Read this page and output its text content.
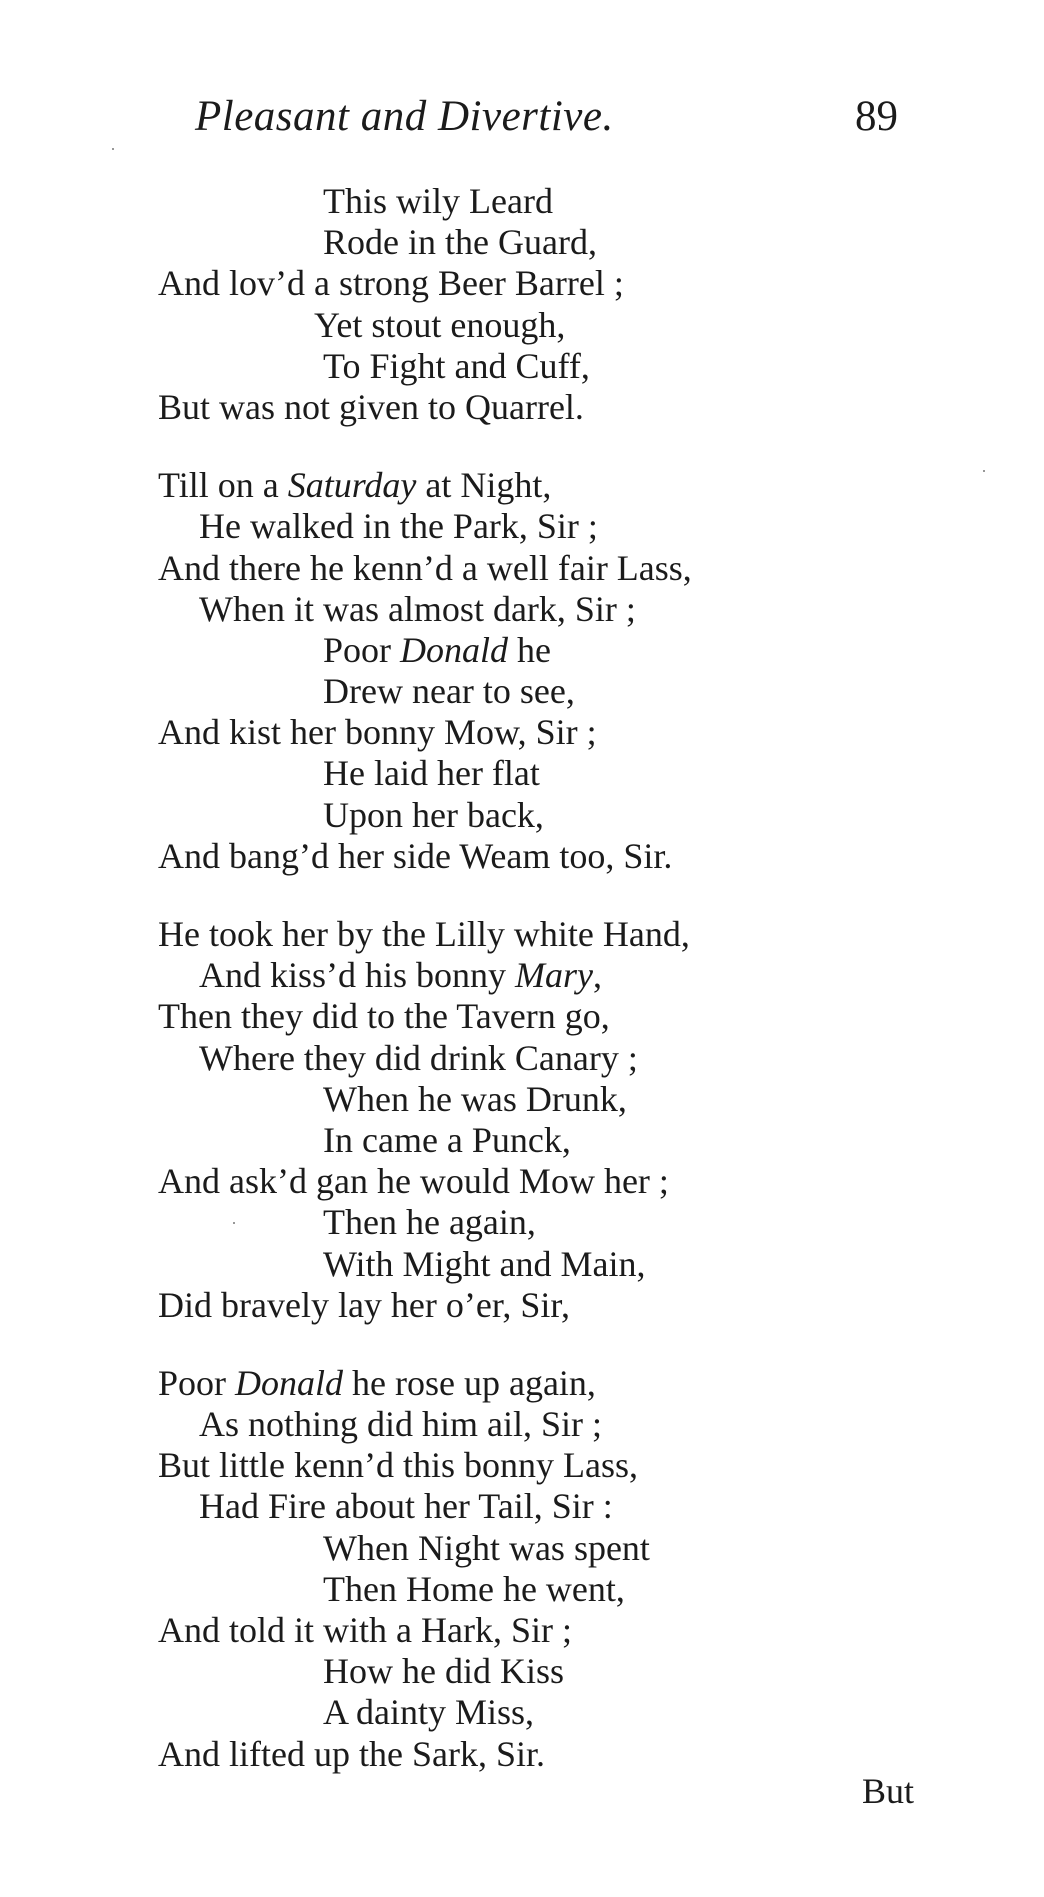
Pleasant and Divertive.	89
This wily Leard
Rode in the Guard,
And lov’d a strong Beer Barrel ;
Yet stout enough,
To Fight and Cuff,
But was not given to Quarrel.
Till on a Saturday at Night,
He walked in the Park, Sir ;
And there he kenn’d a well fair Lass,
When it was almost dark, Sir ;
Poor Donald he
Drew near to see,
And kist her bonny Mow, Sir ;
He laid her flat
Upon her back,
And bang’d her side Weam too, Sir.
He took her by the Lilly white Hand,
And kiss’d his bonny Mary,
Then they did to the Tavern go,
Where they did drink Canary ;
When he was Drunk,
In came a Punck,
And ask’d gan he would Mow her ;
Then he again,
With Might and Main,
Did bravely lay her o’er, Sir,
Poor Donald he rose up again,
As nothing did him ail, Sir ;
But little kenn’d this bonny Lass,
Had Fire about her Tail, Sir :
When Night was spent
Then Home he went,
And told it with a Hark, Sir ;
How he did Kiss
A dainty Miss,
And lifted up the Sark, Sir.
But
